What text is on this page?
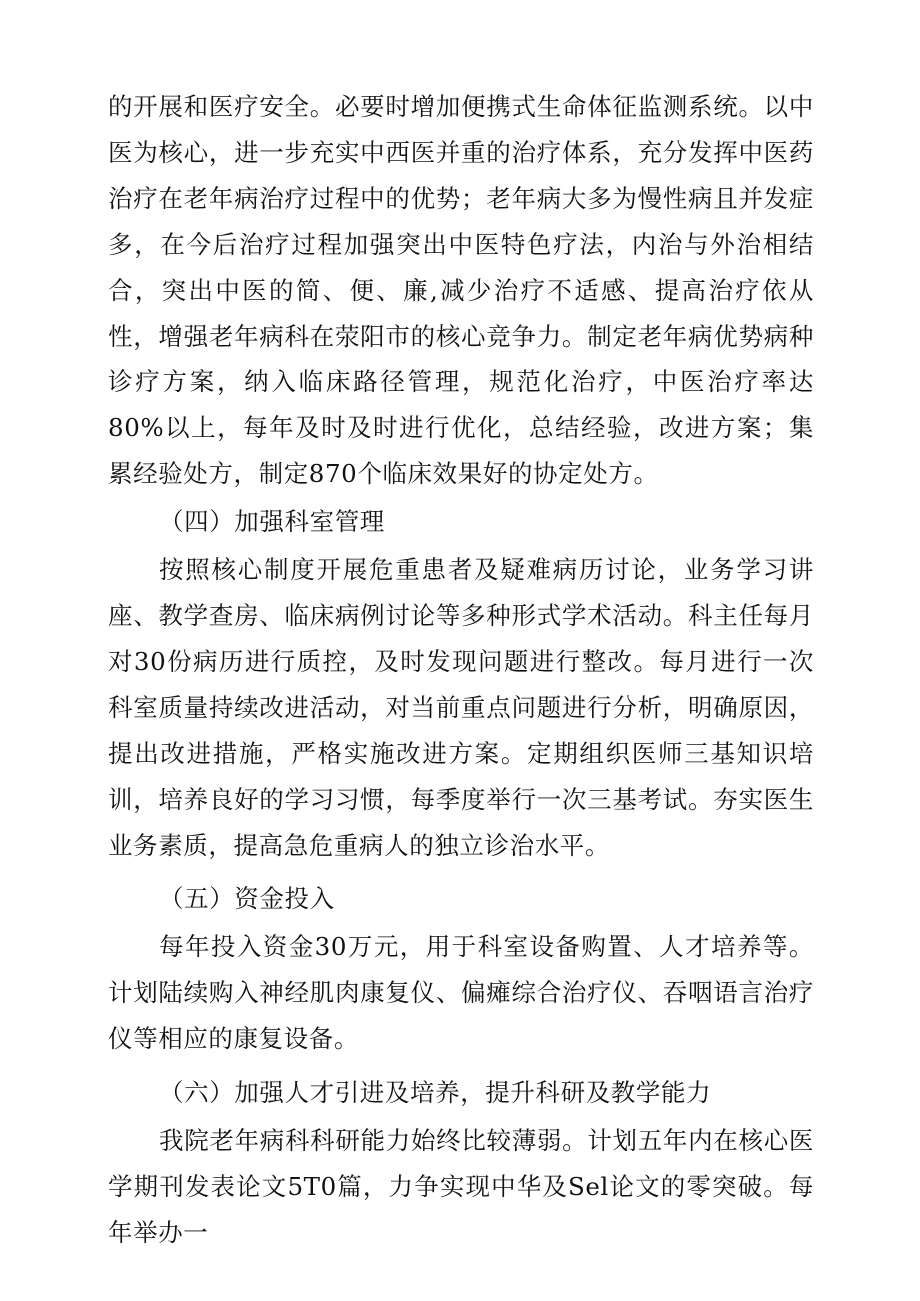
的开展和医疗安全。必要时增加便携式生命体征监测系统。以中医为核心，进一步充实中西医并重的治疗体系，充分发挥中医药治疗在老年病治疗过程中的优势；老年病大多为慢性病且并发症多，在今后治疗过程加强突出中医特色疗法，内治与外治相结合，突出中医的简、便、廉,减少治疗不适感、提高治疗依从性，增强老年病科在荥阳市的核心竞争力。制定老年病优势病种诊疗方案，纳入临床路径管理，规范化治疗，中医治疗率达80%以上，每年及时及时进行优化，总结经验，改进方案；集累经验处方，制定870个临床效果好的协定处方。

（四）加强科室管理

按照核心制度开展危重患者及疑难病历讨论，业务学习讲座、教学查房、临床病例讨论等多种形式学术活动。科主任每月对30份病历进行质控，及时发现问题进行整改。每月进行一次科室质量持续改进活动，对当前重点问题进行分析，明确原因，提出改进措施，严格实施改进方案。定期组织医师三基知识培训，培养良好的学习习惯，每季度举行一次三基考试。夯实医生业务素质，提高急危重病人的独立诊治水平。

（五）资金投入

每年投入资金30万元，用于科室设备购置、人才培养等。计划陆续购入神经肌肉康复仪、偏瘫综合治疗仪、吞咽语言治疗仪等相应的康复设备。

（六）加强人才引进及培养，提升科研及教学能力

我院老年病科科研能力始终比较薄弱。计划五年内在核心医学期刊发表论文5T0篇，力争实现中华及Sel论文的零突破。每年举办一
